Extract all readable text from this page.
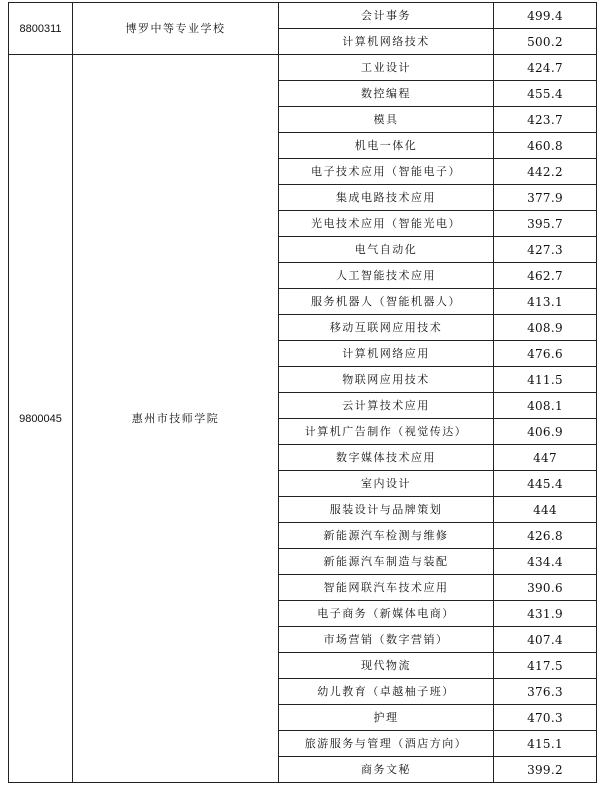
8800311	博罗中等专业学校	会计事务	499.4
		计算机网络技术	500.2
9800045	惠州市技师学院	工业设计	424.7
		数控编程	455.4
		模具	423.7
		机电一体化	460.8
		电子技术应用（智能电子）	442.2
		集成电路技术应用	377.9
		光电技术应用（智能光电）	395.7
		电气自动化	427.3
		人工智能技术应用	462.7
		服务机器人（智能机器人）	413.1
		移动互联网应用技术	408.9
		计算机网络应用	476.6
		物联网应用技术	411.5
		云计算技术应用	408.1
		计算机广告制作（视觉传达）	406.9
		数字媒体技术应用	447
		室内设计	445.4
		服装设计与品牌策划	444
		新能源汽车检测与维修	426.8
		新能源汽车制造与装配	434.4
		智能网联汽车技术应用	390.6
		电子商务（新媒体电商）	431.9
		市场营销（数字营销）	407.4
		现代物流	417.5
		幼儿教育（卓越柚子班）	376.3
		护理	470.3
		旅游服务与管理（酒店方向）	415.1
		商务文秘	399.2
